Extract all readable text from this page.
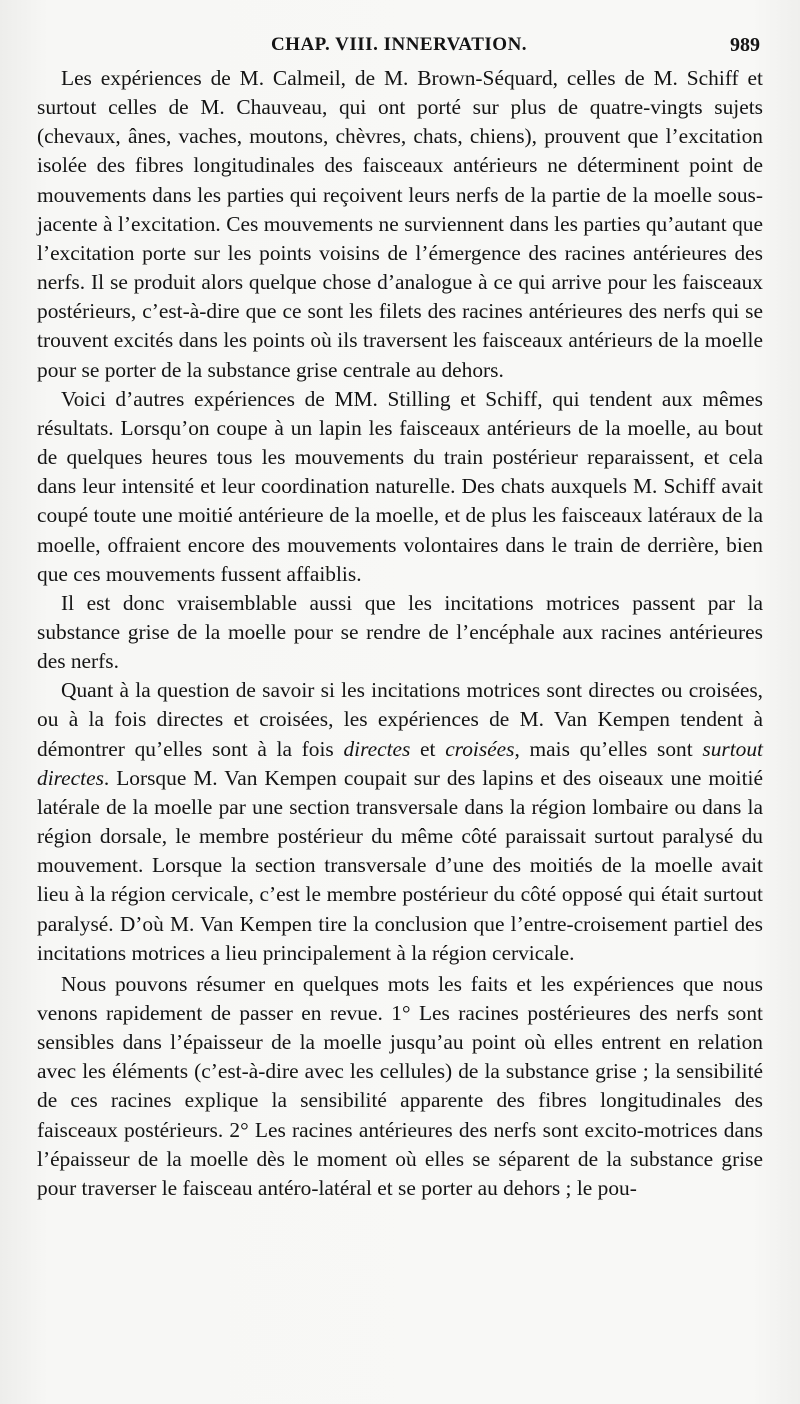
CHAP. VIII. INNERVATION.	989

Les expériences de M. Calmeil, de M. Brown-Séquard, celles de M. Schiff et surtout celles de M. Chauveau, qui ont porté sur plus de quatre-vingts sujets (chevaux, ânes, vaches, moutons, chèvres, chats, chiens), prouvent que l’excitation isolée des fibres longitudinales des faisceaux antérieurs ne déterminent point de mouvements dans les parties qui reçoivent leurs nerfs de la partie de la moelle sous-jacente à l’excitation. Ces mouvements ne surviennent dans les parties qu’autant que l’excitation porte sur les points voisins de l’émergence des racines antérieures des nerfs. Il se produit alors quelque chose d’analogue à ce qui arrive pour les faisceaux postérieurs, c’est-à-dire que ce sont les filets des racines antérieures des nerfs qui se trouvent excités dans les points où ils traversent les faisceaux antérieurs de la moelle pour se porter de la substance grise centrale au dehors.

Voici d’autres expériences de MM. Stilling et Schiff, qui tendent aux mêmes résultats. Lorsqu’on coupe à un lapin les faisceaux antérieurs de la moelle, au bout de quelques heures tous les mouvements du train postérieur reparaissent, et cela dans leur intensité et leur coordination naturelle. Des chats auxquels M. Schiff avait coupé toute une moitié antérieure de la moelle, et de plus les faisceaux latéraux de la moelle, offraient encore des mouvements volontaires dans le train de derrière, bien que ces mouvements fussent affaiblis.

Il est donc vraisemblable aussi que les incitations motrices passent par la substance grise de la moelle pour se rendre de l’encéphale aux racines antérieures des nerfs.

Quant à la question de savoir si les incitations motrices sont directes ou croisées, ou à la fois directes et croisées, les expériences de M. Van Kempen tendent à démontrer qu’elles sont à la fois directes et croisées, mais qu’elles sont surtout directes. Lorsque M. Van Kempen coupait sur des lapins et des oiseaux une moitié latérale de la moelle par une section transversale dans la région lombaire ou dans la région dorsale, le membre postérieur du même côté paraissait surtout paralysé du mouvement. Lorsque la section transversale d’une des moitiés de la moelle avait lieu à la région cervicale, c’est le membre postérieur du côté opposé qui était surtout paralysé. D’où M. Van Kempen tire la conclusion que l’entre-croisement partiel des incitations motrices a lieu principalement à la région cervicale.

Nous pouvons résumer en quelques mots les faits et les expériences que nous venons rapidement de passer en revue. 1° Les racines postérieures des nerfs sont sensibles dans l’épaisseur de la moelle jusqu’au point où elles entrent en relation avec les éléments (c’est-à-dire avec les cellules) de la substance grise ; la sensibilité de ces racines explique la sensibilité apparente des fibres longitudinales des faisceaux postérieurs. 2° Les racines antérieures des nerfs sont excito-motrices dans l’épaisseur de la moelle dès le moment où elles se séparent de la substance grise pour traverser le faisceau antéro-latéral et se porter au dehors ; le pou-
